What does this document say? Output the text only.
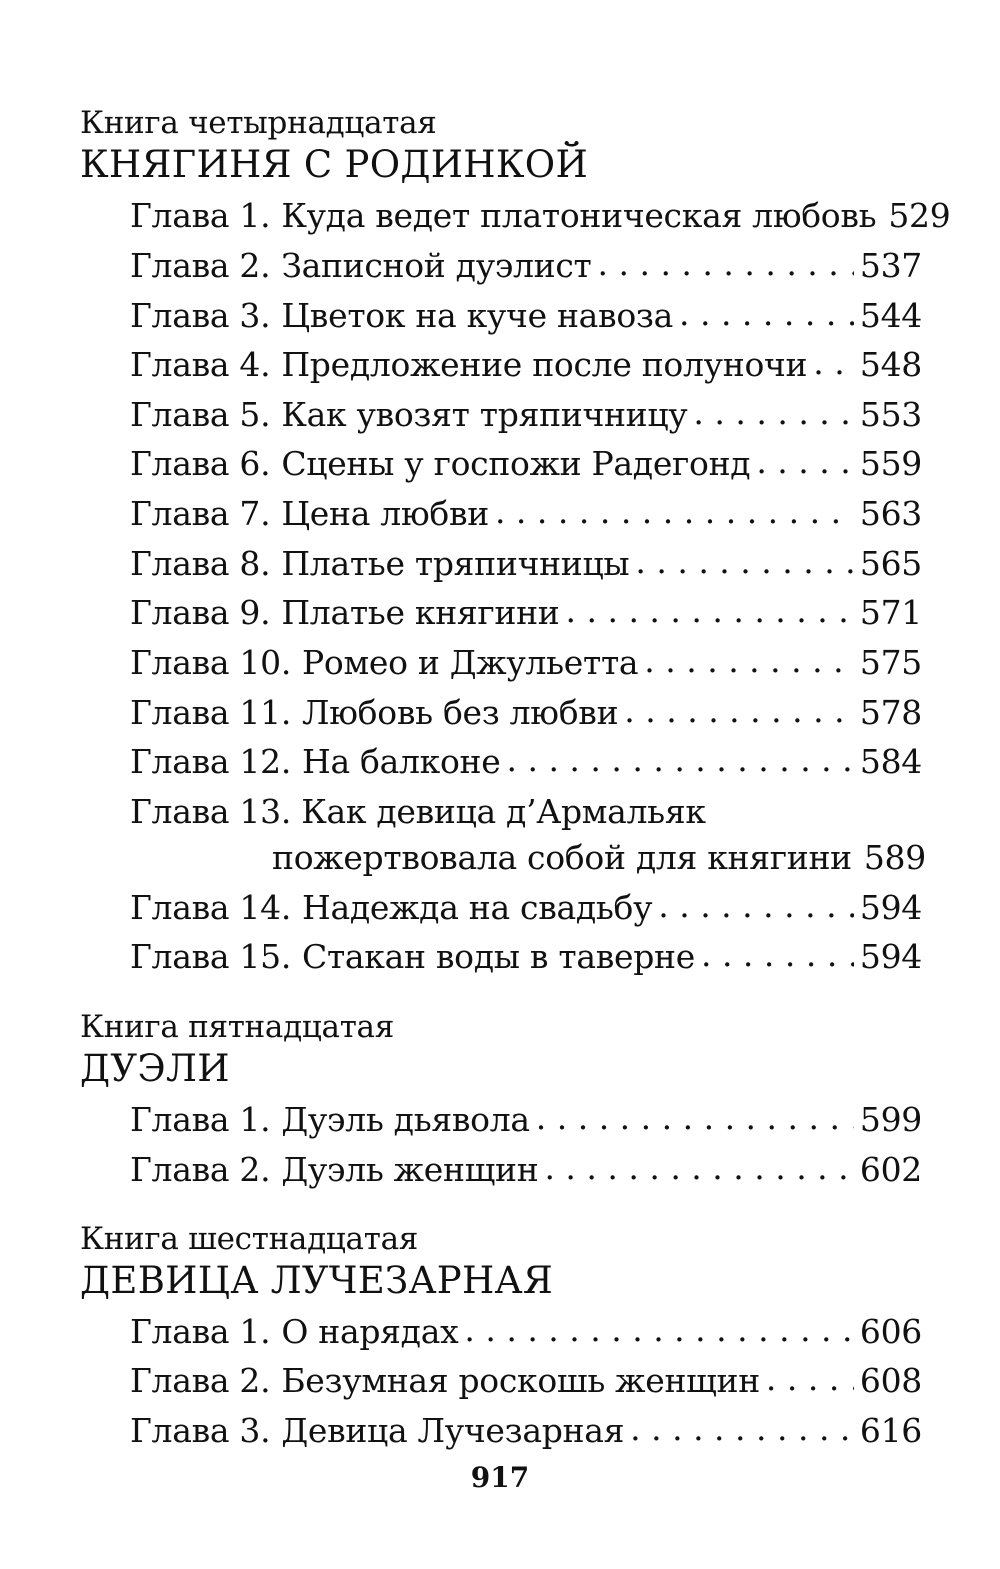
Книга четырнадцатая
КНЯГИНЯ С РОДИНКОЙ
Глава 1. Куда ведет платоническая любовь 529
Глава 2. Записной дуэлист . . .	537
Глава 3. Цветок на куче навоза . . .	544
Глава 4. Предложение после полуночи . . . 548
Глава 5. Как увозят тряпичницу . . .	553
Глава 6. Сцены у госпожи Радегонд . . .	559
Глава 7. Цена любви . . .	563
Глава 8. Платье тряпичницы . . .	565
Глава 9. Платье княгини . . .	571
Глава 10. Ромео и Джульетта . . .	575
Глава 11. Любовь без любви . . .	578
Глава 12. На балконе . . .	584
Глава 13. Как девица д’Армальяк
пожертвовала собой для княгини 589
Глава 14. Надежда на свадьбу . . .	594
Глава 15. Стакан воды в таверне . . .	594
Книга пятнадцатая
ДУЭЛИ
Глава 1. Дуэль дьявола . . .	599
Глава 2. Дуэль женщин . . .	602
Книга шестнадцатая
ДЕВИЦА ЛУЧЕЗАРНАЯ
Глава 1. О нарядах . . .	606
Глава 2. Безумная роскошь женщин . . .	608
Глава 3. Девица Лучезарная . . .	616
917
